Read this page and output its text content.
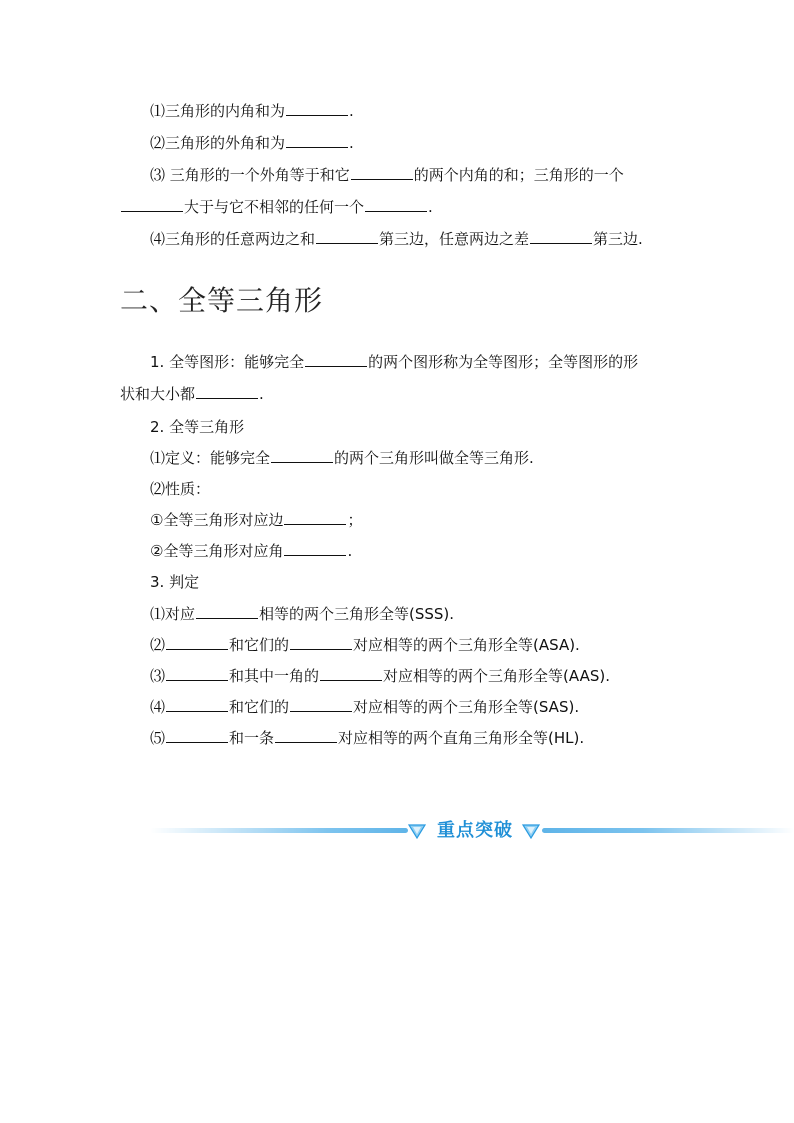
⑴三角形的内角和为	.
⑵三角形的外角和为	.
⑶ 三角形的一个外角等于和它	的两个内角的和；三角形的一个
大于与它不相邻的任何一个	.
⑷三角形的任意两边之和	第三边，任意两边之差	第三边.
二、全等三角形
1. 全等图形：能够完全	的两个图形称为全等图形；全等图形的形
状和大小都	.
2. 全等三角形
⑴定义：能够完全	的两个三角形叫做全等三角形.
⑵性质：
①全等三角形对应边	；
②全等三角形对应角	.
3. 判定
⑴对应	相等的两个三角形全等(SSS).
⑵	和它们的	对应相等的两个三角形全等(ASA).
⑶	和其中一角的	对应相等的两个三角形全等(AAS).
⑷	和它们的	对应相等的两个三角形全等(SAS).
⑸	和一条	对应相等的两个直角三角形全等(HL).
重点突破
